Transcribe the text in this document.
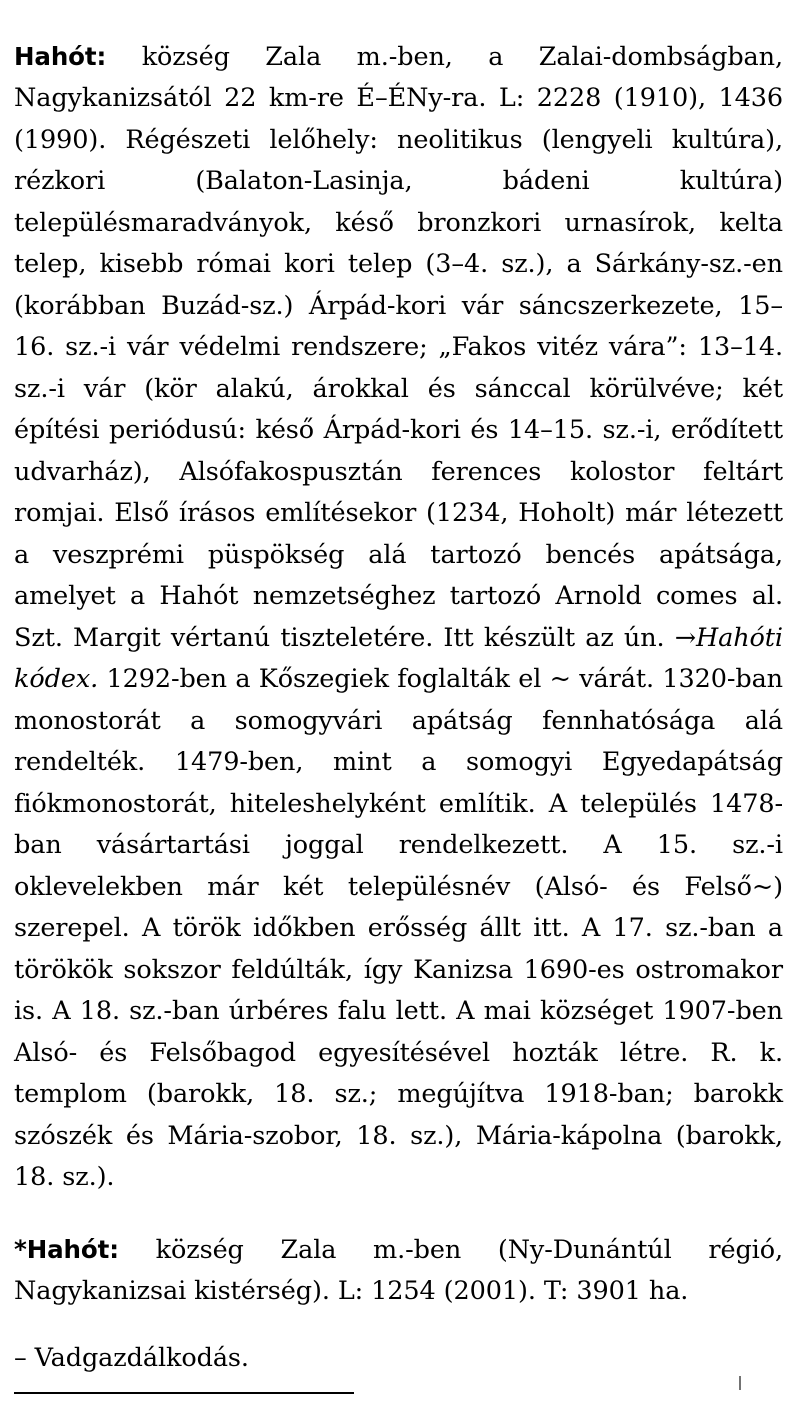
Hahót: község Zala m.-ben, a Zalai-dombságban, Nagykanizsától 22 km-re É–ÉNy-ra. L: 2228 (1910), 1436 (1990). Régészeti lelőhely: neolitikus (lengyeli kultúra), rézkori (Balaton-Lasinja, bádeni kultúra) településmaradványok, késő bronzkori urnasírok, kelta telep, kisebb római kori telep (3–4. sz.), a Sárkány-sz.-en (korábban Buzád-sz.) Árpád-kori vár sáncszerkezete, 15–16. sz.-i vár védelmi rendszere; „Fakos vitéz vára”: 13–14. sz.-i vár (kör alakú, árokkal és sánccal körülvéve; két építési periódusú: késő Árpád-kori és 14–15. sz.-i, erődített udvarház), Alsófakospusztán ferences kolostor feltárt romjai. Első írásos említésekor (1234, Hoholt) már létezett a veszprémi püspökség alá tartozó bencés apátsága, amelyet a Hahót nemzetséghez tartozó Arnold comes al. Szt. Margit vértanú tiszteletére. Itt készült az ún. →Hahóti kódex. 1292-ben a Kőszegiek foglalták el ~ várát. 1320-ban monostorát a somogyvári apátság fennhatósága alá rendelték. 1479-ben, mint a somogyi Egyedapátság fiókmonostorát, hiteleshelyként említik. A település 1478-ban vásártartási joggal rendelkezett. A 15. sz.-i oklevelekben már két településnév (Alsó- és Felső~) szerepel. A török időkben erősség állt itt. A 17. sz.-ban a törökök sokszor feldúlták, így Kanizsa 1690-es ostromakor is. A 18. sz.-ban úrbéres falu lett. A mai községet 1907-ben Alsó- és Felsőbagod egyesítésével hozták létre. R. k. templom (barokk, 18. sz.; megújítva 1918-ban; barokk szószék és Mária-szobor, 18. sz.), Mária-kápolna (barokk, 18. sz.).

*Hahót: község Zala m.-ben (Ny-Dunántúl régió, Nagykanizsai kistérség). L: 1254 (2001). T: 3901 ha.

– Vadgazdálkodás.
